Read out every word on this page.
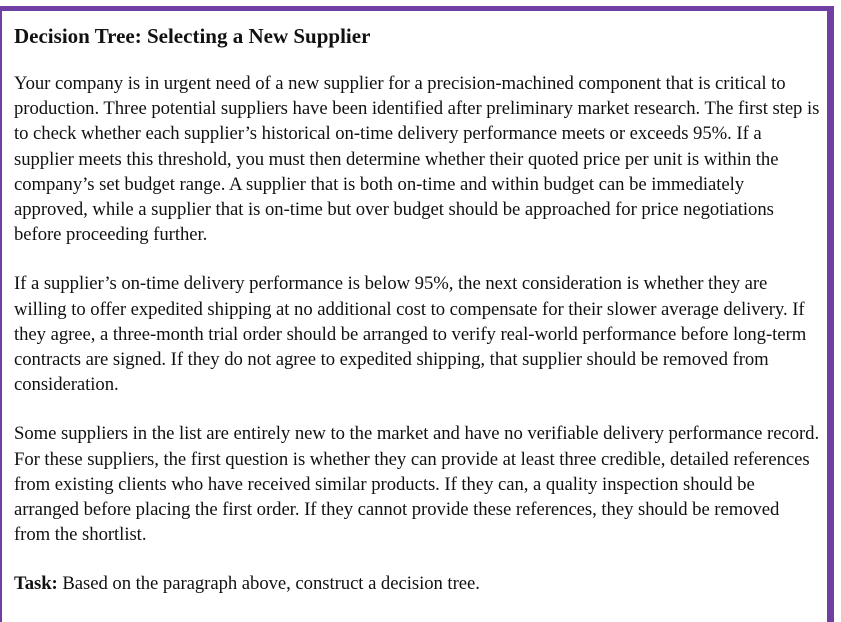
Decision Tree: Selecting a New Supplier

Your company is in urgent need of a new supplier for a precision-machined component that is critical to production. Three potential suppliers have been identified after preliminary market research. The first step is to check whether each supplier’s historical on-time delivery performance meets or exceeds 95%. If a supplier meets this threshold, you must then determine whether their quoted price per unit is within the company’s set budget range. A supplier that is both on-time and within budget can be immediately approved, while a supplier that is on-time but over budget should be approached for price negotiations before proceeding further.

If a supplier’s on-time delivery performance is below 95%, the next consideration is whether they are willing to offer expedited shipping at no additional cost to compensate for their slower average delivery. If they agree, a three-month trial order should be arranged to verify real-world performance before long-term contracts are signed. If they do not agree to expedited shipping, that supplier should be removed from consideration.

Some suppliers in the list are entirely new to the market and have no verifiable delivery performance record. For these suppliers, the first question is whether they can provide at least three credible, detailed references from existing clients who have received similar products. If they can, a quality inspection should be arranged before placing the first order. If they cannot provide these references, they should be removed from the shortlist.

Task: Based on the paragraph above, construct a decision tree.
